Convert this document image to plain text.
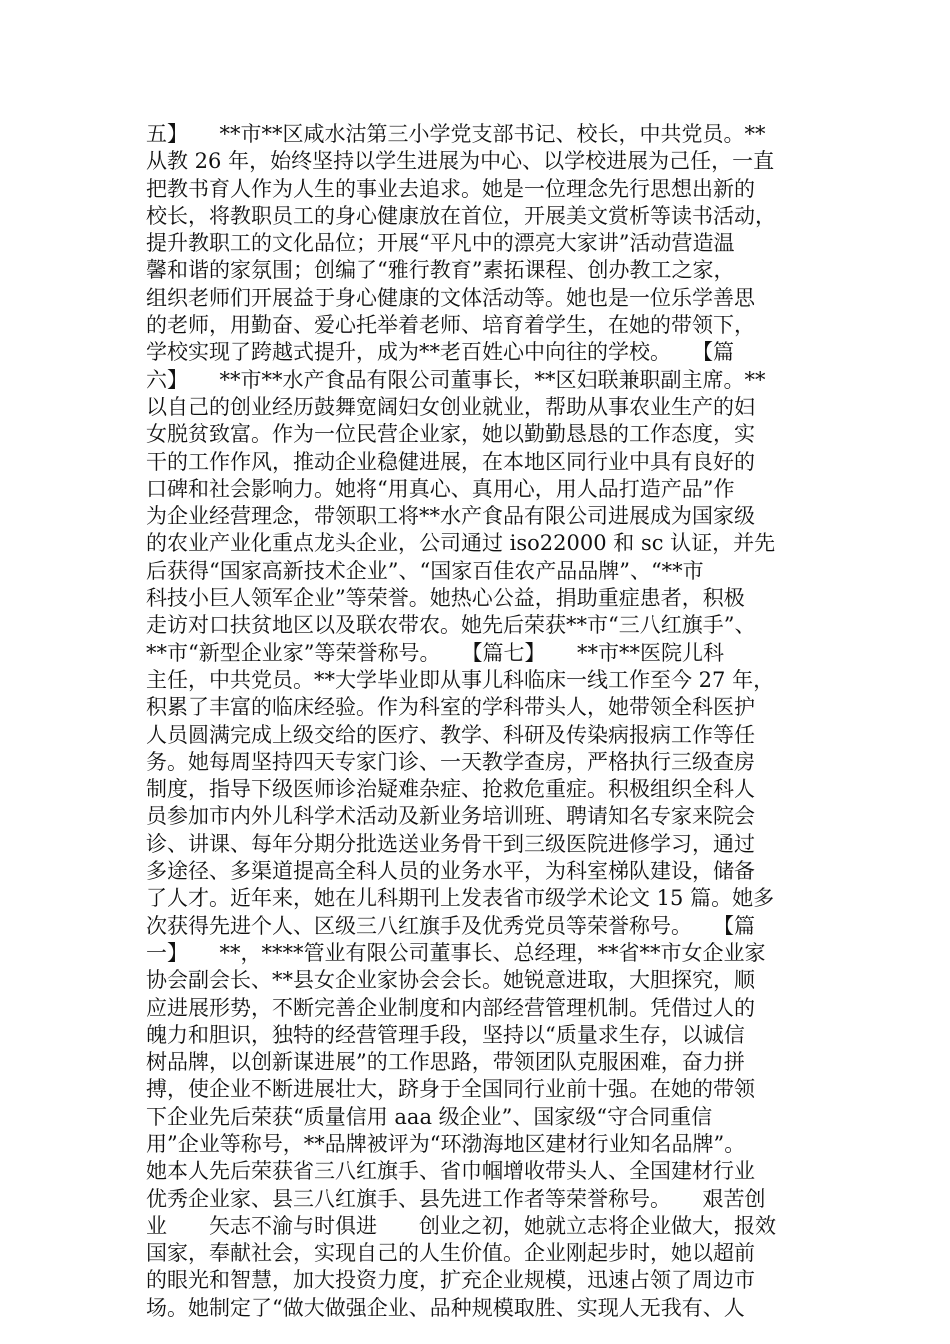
五】　　**市**区咸水沽第三小学党支部书记、校长，中共党员。**
从教 26 年，始终坚持以学生进展为中心、以学校进展为己任，一直
把教书育人作为人生的事业去追求。她是一位理念先行思想出新的
校长，将教职员工的身心健康放在首位，开展美文赏析等读书活动，
提升教职工的文化品位；开展“平凡中的漂亮大家讲”活动营造温
馨和谐的家氛围；创编了“雅行教育”素拓课程、创办教工之家，
组织老师们开展益于身心健康的文体活动等。她也是一位乐学善思
的老师，用勤奋、爱心托举着老师、培育着学生，在她的带领下，
学校实现了跨越式提升，成为**老百姓心中向往的学校。　　【篇
六】　　**市**水产食品有限公司董事长，**区妇联兼职副主席。**
以自己的创业经历鼓舞宽阔妇女创业就业，帮助从事农业生产的妇
女脱贫致富。作为一位民营企业家，她以勤勤恳恳的工作态度，实
干的工作作风，推动企业稳健进展，在本地区同行业中具有良好的
口碑和社会影响力。她将“用真心、真用心，用人品打造产品”作
为企业经营理念，带领职工将**水产食品有限公司进展成为国家级
的农业产业化重点龙头企业，公司通过 iso22000 和 sc 认证，并先
后获得“国家高新技术企业”、“国家百佳农产品品牌”、“**市
科技小巨人领军企业”等荣誉。她热心公益，捐助重症患者，积极
走访对口扶贫地区以及联农带农。她先后荣获**市“三八红旗手”、
**市“新型企业家”等荣誉称号。　　【篇七】　　**市**医院儿科
主任，中共党员。**大学毕业即从事儿科临床一线工作至今 27 年，
积累了丰富的临床经验。作为科室的学科带头人，她带领全科医护
人员圆满完成上级交给的医疗、教学、科研及传染病报病工作等任
务。她每周坚持四天专家门诊、一天教学查房，严格执行三级查房
制度，指导下级医师诊治疑难杂症、抢救危重症。积极组织全科人
员参加市内外儿科学术活动及新业务培训班、聘请知名专家来院会
诊、讲课、每年分期分批选送业务骨干到三级医院进修学习，通过
多途径、多渠道提高全科人员的业务水平，为科室梯队建设，储备
了人才。近年来，她在儿科期刊上发表省市级学术论文 15 篇。她多
次获得先进个人、区级三八红旗手及优秀党员等荣誉称号。　　【篇
一】　　**，****管业有限公司董事长、总经理，**省**市女企业家
协会副会长、**县女企业家协会会长。她锐意进取，大胆探究，顺
应进展形势，不断完善企业制度和内部经营管理机制。凭借过人的
魄力和胆识，独特的经营管理手段，坚持以“质量求生存，以诚信
树品牌，以创新谋进展”的工作思路，带领团队克服困难，奋力拼
搏，使企业不断进展壮大，跻身于全国同行业前十强。在她的带领
下企业先后荣获“质量信用 aaa 级企业”、国家级“守合同重信
用”企业等称号，**品牌被评为“环渤海地区建材行业知名品牌”。
她本人先后荣获省三八红旗手、省巾帼增收带头人、全国建材行业
优秀企业家、县三八红旗手、县先进工作者等荣誉称号。　　艰苦创
业　　矢志不渝与时俱进　　创业之初，她就立志将企业做大，报效
国家，奉献社会，实现自己的人生价值。企业刚起步时，她以超前
的眼光和智慧，加大投资力度，扩充企业规模，迅速占领了周边市
场。她制定了“做大做强企业、品种规模取胜、实现人无我有、人
